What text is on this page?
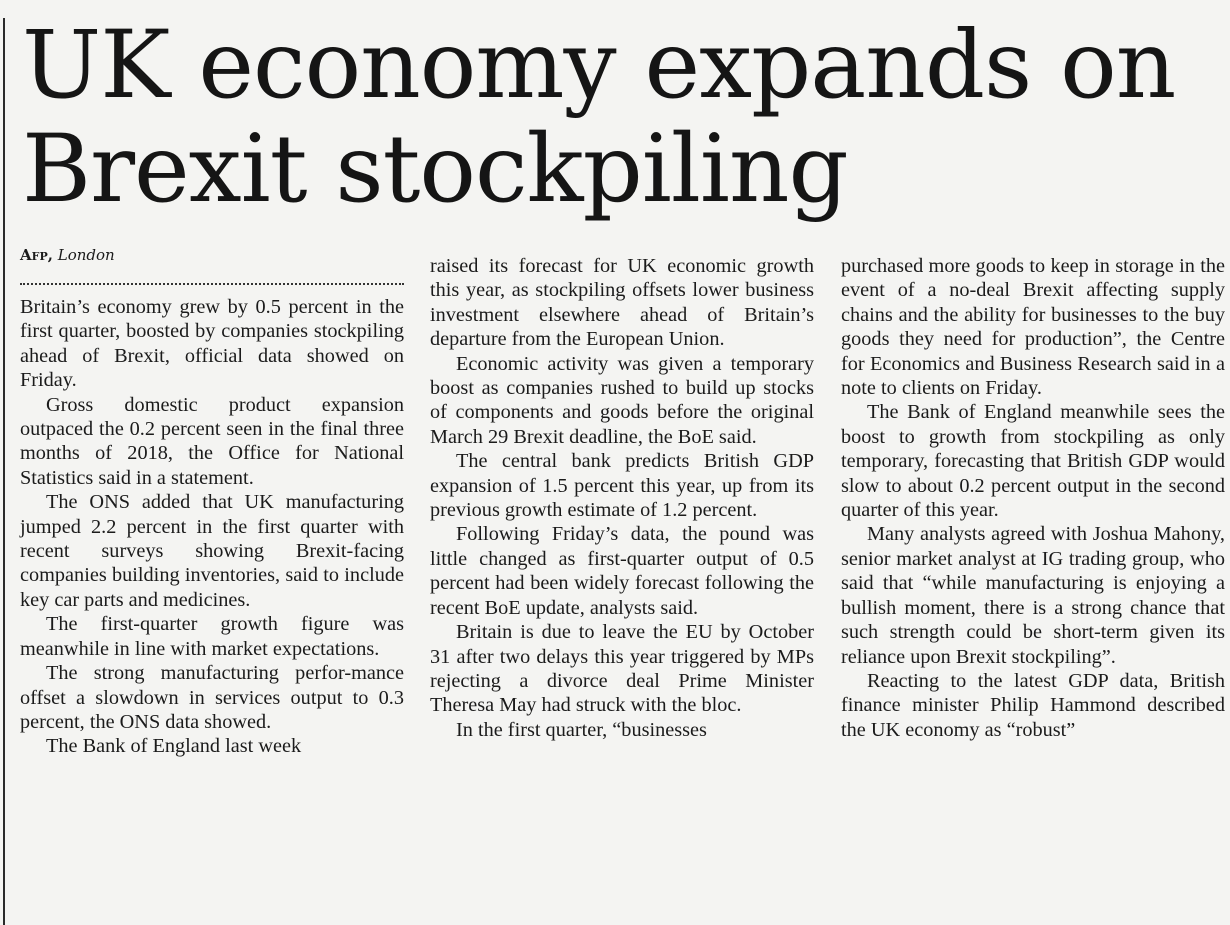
UK economy expands on
Brexit stockpiling
Afp, London

Britain’s economy grew by 0.5 percent in the first quarter, boosted by companies stockpiling ahead of Brexit, official data showed on Friday.

Gross domestic product expansion outpaced the 0.2 percent seen in the final three months of 2018, the Office for National Statistics said in a statement.

The ONS added that UK manufacturing jumped 2.2 percent in the first quarter with recent surveys showing Brexit-facing companies building inventories, said to include key car parts and medicines.

The first-quarter growth figure was meanwhile in line with market expectations.

The strong manufacturing perfor-mance offset a slowdown in services output to 0.3 percent, the ONS data showed.

The Bank of England last week

raised its forecast for UK economic growth this year, as stockpiling offsets lower business investment elsewhere ahead of Britain’s departure from the European Union.

Economic activity was given a temporary boost as companies rushed to build up stocks of components and goods before the original March 29 Brexit deadline, the BoE said.

The central bank predicts British GDP expansion of 1.5 percent this year, up from its previous growth estimate of 1.2 percent.

Following Friday’s data, the pound was little changed as first-quarter output of 0.5 percent had been widely forecast following the recent BoE update, analysts said.

Britain is due to leave the EU by October 31 after two delays this year triggered by MPs rejecting a divorce deal Prime Minister Theresa May had struck with the bloc.

In the first quarter, “businesses

purchased more goods to keep in storage in the event of a no-deal Brexit affecting supply chains and the ability for businesses to the buy goods they need for production”, the Centre for Economics and Business Research said in a note to clients on Friday.

The Bank of England meanwhile sees the boost to growth from stockpiling as only temporary, forecasting that British GDP would slow to about 0.2 percent output in the second quarter of this year.

Many analysts agreed with Joshua Mahony, senior market analyst at IG trading group, who said that “while manufacturing is enjoying a bullish moment, there is a strong chance that such strength could be short-term given its reliance upon Brexit stockpiling”.

Reacting to the latest GDP data, British finance minister Philip Hammond described the UK economy as “robust”
